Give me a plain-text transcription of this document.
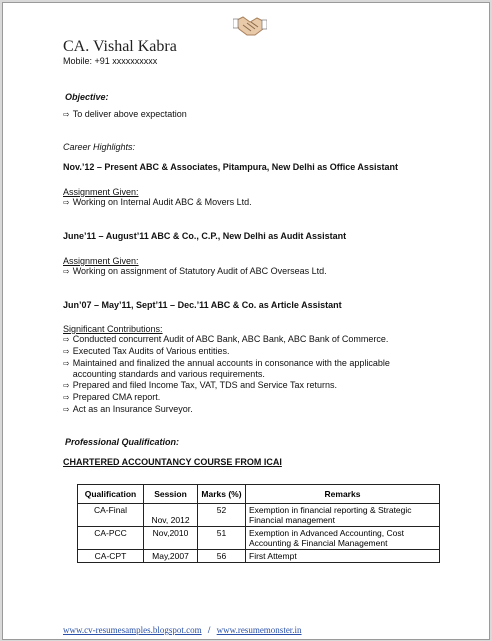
CA. Vishal Kabra
Mobile: +91 xxxxxxxxxx
Objective:
⇨ To deliver above expectation
Career Highlights:
Nov.’12 – Present ABC & Associates, Pitampura, New Delhi as Office Assistant
Assignment Given:
⇨ Working on Internal Audit ABC & Movers Ltd.
June’11 – August’11 ABC & Co., C.P., New Delhi as Audit Assistant
Assignment Given:
⇨ Working on assignment of Statutory Audit of ABC Overseas Ltd.
Jun’07 – May’11, Sept’11 – Dec.’11 ABC & Co. as Article Assistant
Significant Contributions:
⇨ Conducted concurrent Audit of ABC Bank, ABC Bank, ABC Bank of Commerce.
⇨ Executed Tax Audits of Various entities.
⇨ Maintained and finalized the annual accounts in consonance with the applicable accounting standards and various requirements.
⇨ Prepared and filed Income Tax, VAT, TDS and Service Tax returns.
⇨ Prepared CMA report.
⇨ Act as an Insurance Surveyor.
Professional Qualification:
CHARTERED ACCOUNTANCY COURSE FROM ICAI
Qualification	Session	Marks (%)	Remarks
CA-Final	Nov, 2012	52	Exemption in financial reporting & Strategic Financial management
CA-PCC	Nov,2010	51	Exemption in Advanced Accounting, Cost Accounting & Financial Management
CA-CPT	May,2007	56	First Attempt
www.cv-resumesamples.blogspot.com / www.resumemonster.in
